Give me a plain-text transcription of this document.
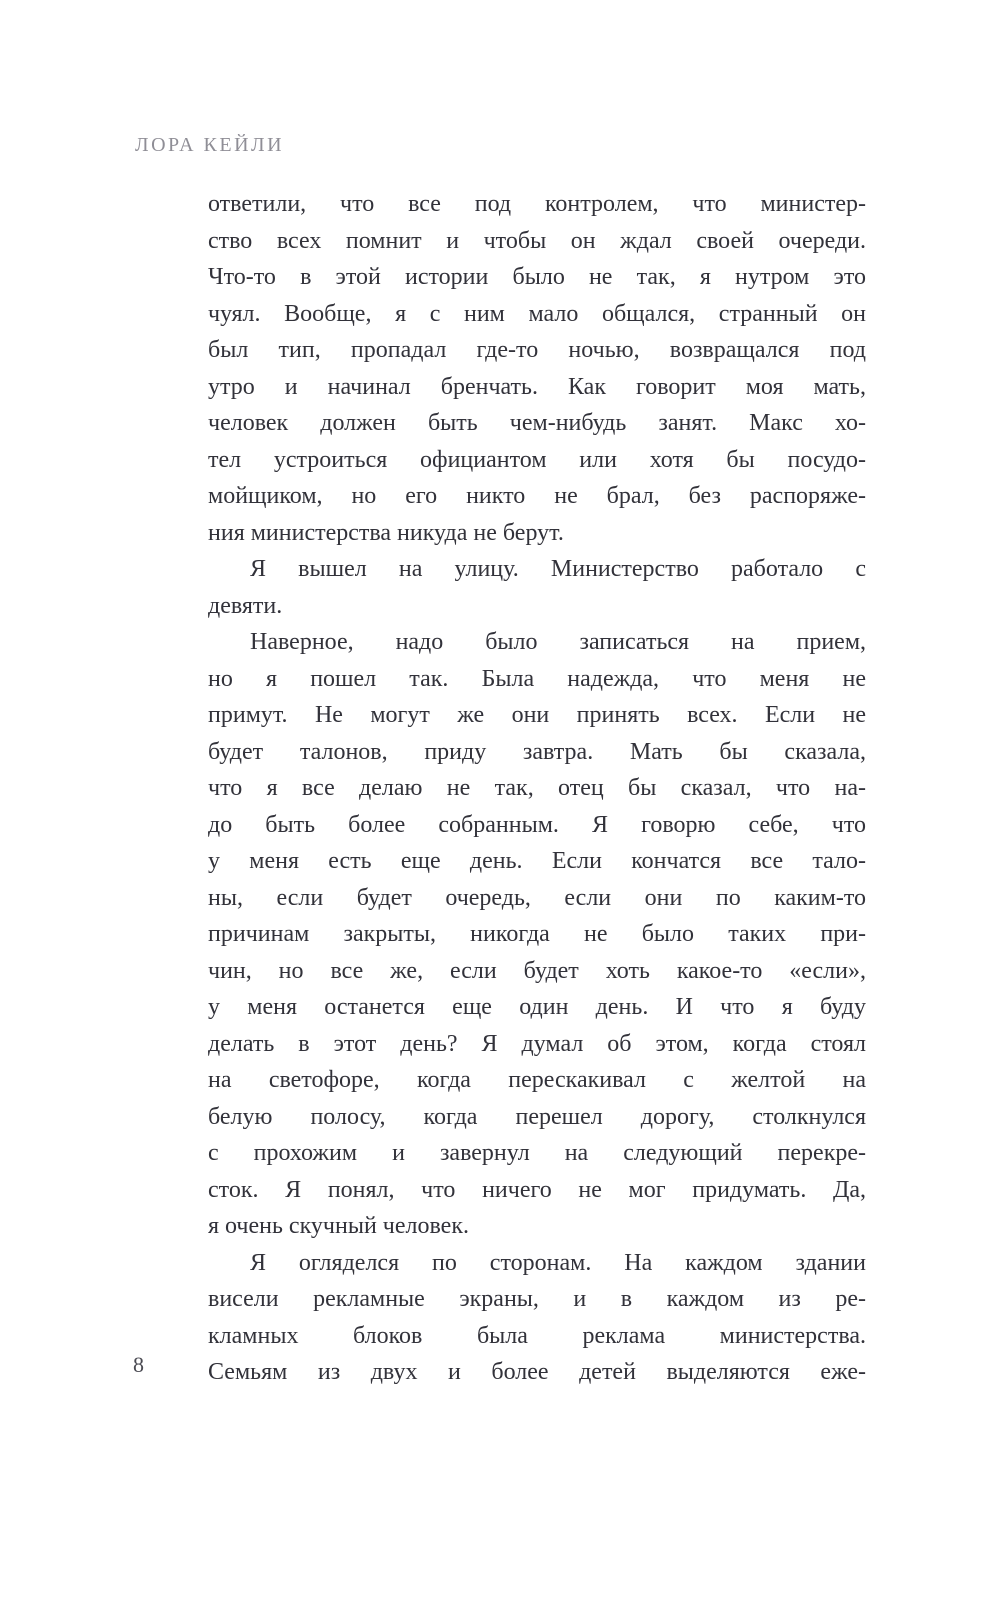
ЛОРА КЕЙЛИ
ответили, что все под контролем, что министер-
ство всех помнит и чтобы он ждал своей очереди.
Что-то в этой истории было не так, я нутром это
чуял. Вообще, я с ним мало общался, странный он
был тип, пропадал где-то ночью, возвращался под
утро и начинал бренчать. Как говорит моя мать,
человек должен быть чем-нибудь занят. Макс хо-
тел устроиться официантом или хотя бы посудо-
мойщиком, но его никто не брал, без распоряже-
ния министерства никуда не берут.
Я вышел на улицу. Министерство работало с
девяти.
Наверное, надо было записаться на прием,
но я пошел так. Была надежда, что меня не
примут. Не могут же они принять всех. Если не
будет талонов, приду завтра. Мать бы сказала,
что я все делаю не так, отец бы сказал, что на-
до быть более собранным. Я говорю себе, что
у меня есть еще день. Если кончатся все тало-
ны, если будет очередь, если они по каким-то
причинам закрыты, никогда не было таких при-
чин, но все же, если будет хоть какое-то «если»,
у меня останется еще один день. И что я буду
делать в этот день? Я думал об этом, когда стоял
на светофоре, когда перескакивал с желтой на
белую полосу, когда перешел дорогу, столкнулся
с прохожим и завернул на следующий перекре-
сток. Я понял, что ничего не мог придумать. Да,
я очень скучный человек.
Я огляделся по сторонам. На каждом здании
висели рекламные экраны, и в каждом из ре-
кламных блоков была реклама министерства.
Семьям из двух и более детей выделяются еже-
8
